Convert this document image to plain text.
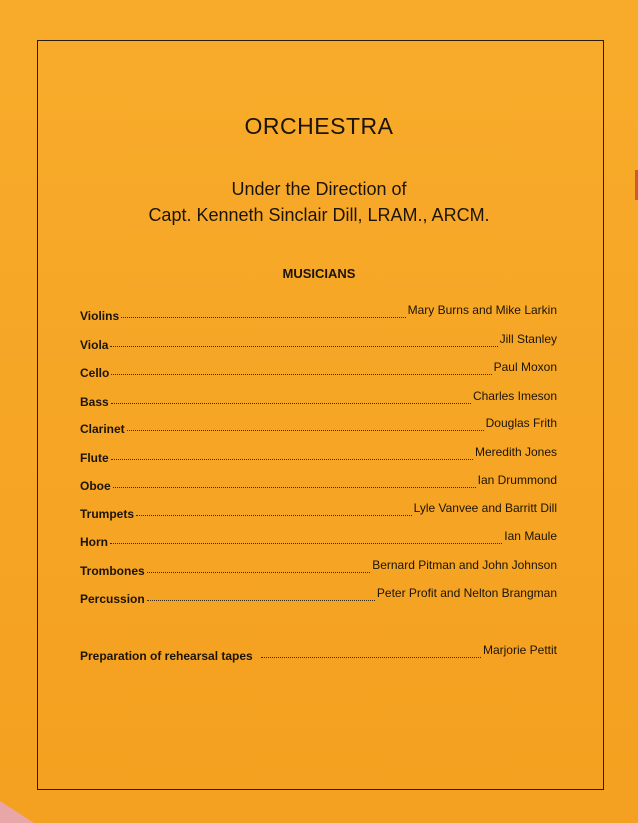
ORCHESTRA
Under the Direction of
Capt. Kenneth Sinclair Dill, LRAM., ARCM.
MUSICIANS
Violins	Mary Burns and Mike Larkin
Viola	Jill Stanley
Cello	Paul Moxon
Bass	Charles Imeson
Clarinet	Douglas Frith
Flute	Meredith Jones
Oboe	Ian Drummond
Trumpets	Lyle Vanvee and Barritt Dill
Horn	Ian Maule
Trombones	Bernard Pitman and John Johnson
Percussion	Peter Profit and Nelton Brangman
Preparation of rehearsal tapes	Marjorie Pettit
